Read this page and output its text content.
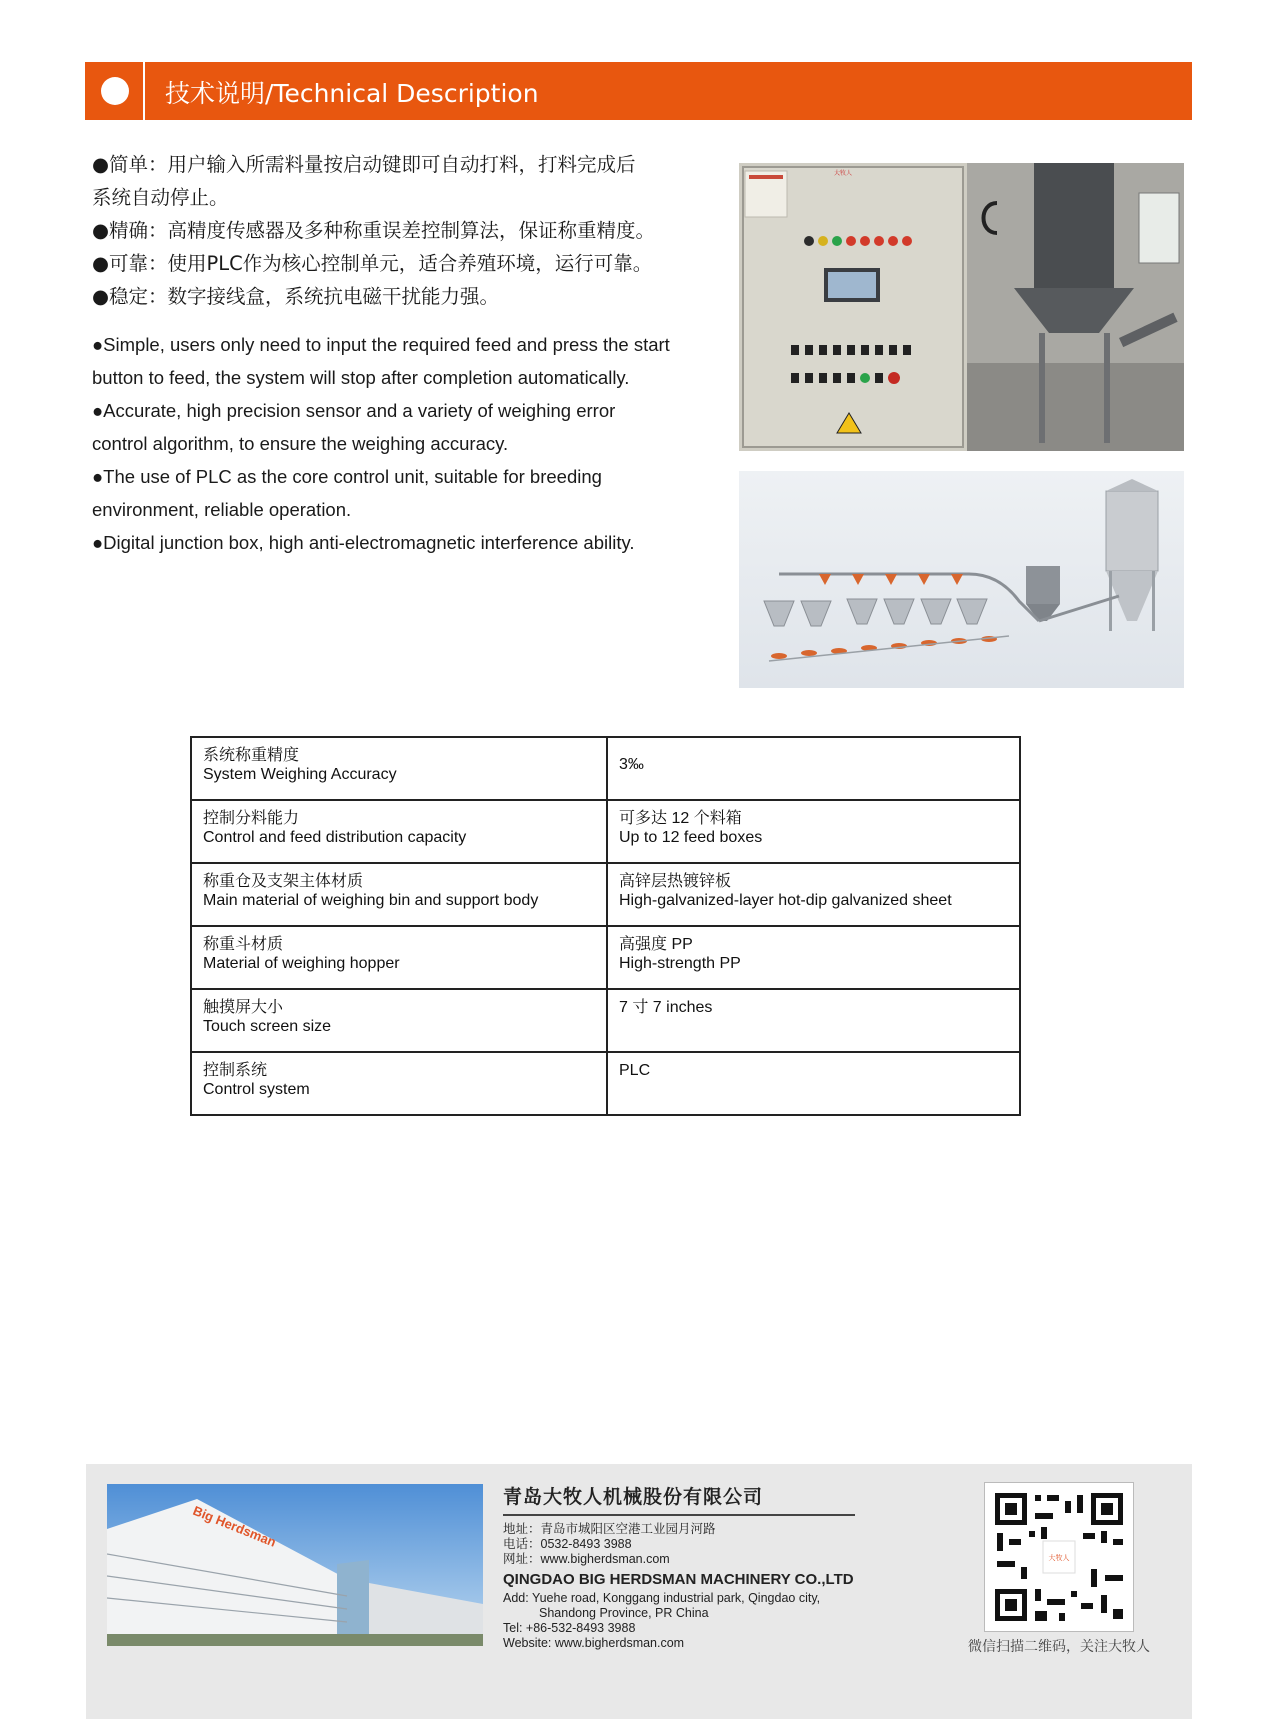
技术说明/Technical Description

●简单：用户输入所需料量按启动键即可自动打料，打料完成后

系统自动停止。

●精确：高精度传感器及多种称重误差控制算法，保证称重精度。

●可靠：使用PLC作为核心控制单元，适合养殖环境，运行可靠。

●稳定：数字接线盒，系统抗电磁干扰能力强。

●Simple, users only need to input the required feed and press the start

button to feed, the system will stop after completion automatically.

●Accurate, high precision sensor and a variety of weighing error

control algorithm, to ensure the weighing accuracy.

●The use of PLC as the core control unit, suitable for breeding

environment, reliable operation.

●Digital junction box, high anti-electromagnetic interference ability.

大牧人
系统称重精度
System Weighing Accuracy	3‰

控制分料能力
Control and feed distribution capacity	可多达 12 个料箱
Up to 12 feed boxes

称重仓及支架主体材质
Main material of weighing bin and support body	高锌层热镀锌板
High-galvanized-layer hot-dip galvanized sheet

称重斗材质
Material of weighing hopper	高强度 PP
High-strength PP

触摸屏大小
Touch screen size	7 寸 7 inches

控制系统
Control system	PLC
Big Herdsman
青岛大牧人机械股份有限公司
地址：青岛市城阳区空港工业园月河路
电话：0532-8493 3988
网址：www.bigherdsman.com
QINGDAO BIG HERDSMAN MACHINERY CO.,LTD
Add: Yuehe road, Konggang industrial park, Qingdao city,
Shandong Province, PR China
Tel: +86-532-8493 3988
Website: www.bigherdsman.com
大牧人
微信扫描二维码，关注大牧人
